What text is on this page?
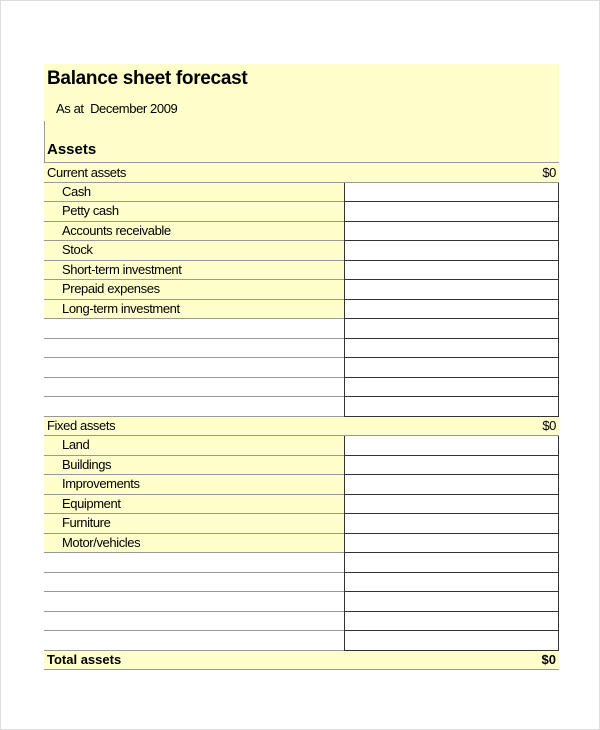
Balance sheet forecast
As at December 2009
Assets
Current assets	$0
Cash
Petty cash
Accounts receivable
Stock
Short-term investment
Prepaid expenses
Long-term investment
Fixed assets	$0
Land
Buildings
Improvements
Equipment
Furniture
Motor/vehicles
Total assets	$0
